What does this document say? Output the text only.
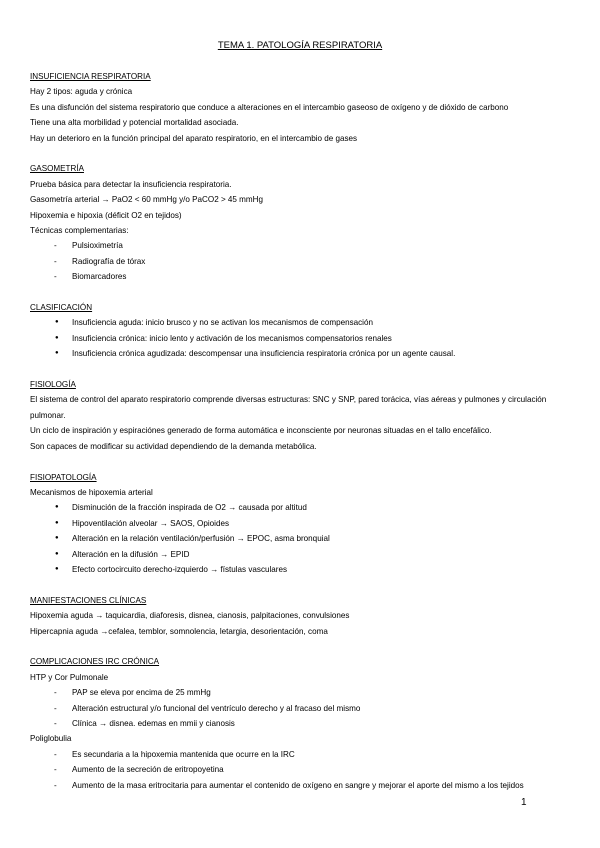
TEMA 1. PATOLOGÍA RESPIRATORIA
INSUFICIENCIA RESPIRATORIA
Hay 2 tipos: aguda y crónica
Es una disfunción del sistema respiratorio que conduce a alteraciones en el intercambio gaseoso de oxígeno y de dióxido de carbono
Tiene una alta morbilidad y potencial mortalidad asociada.
Hay un deterioro en la función principal del aparato respiratorio, en el intercambio de gases
GASOMETRÍA
Prueba básica para detectar la insuficiencia respiratoria.
Gasometría arterial → PaO2 < 60 mmHg y/o PaCO2 > 45 mmHg
Hipoxemia e hipoxia (déficit O2 en tejidos)
Técnicas complementarias:
- Pulsioximetría
- Radiografía de tórax
- Biomarcadores
CLASIFICACIÓN
● Insuficiencia aguda: inicio brusco y no se activan los mecanismos de compensación
● Insuficiencia crónica: inicio lento y activación de los mecanismos compensatorios renales
● Insuficiencia crónica agudizada: descompensar una insuficiencia respiratoria crónica por un agente causal.
FISIOLOGÍA
El sistema de control del aparato respiratorio comprende diversas estructuras: SNC y SNP, pared torácica, vías aéreas y pulmones y circulación pulmonar.
Un ciclo de inspiración y espiraciónes generado de forma automática e inconsciente por neuronas situadas en el tallo encefálico.
Son capaces de modificar su actividad dependiendo de la demanda metabólica.
FISIOPATOLOGÍA
Mecanismos de hipoxemia arterial
● Disminución de la fracción inspirada de O2 → causada por altitud
● Hipoventilación alveolar → SAOS, Opioides
● Alteración en la relación ventilación/perfusión → EPOC, asma bronquial
● Alteración en la difusión → EPID
● Efecto cortocircuito derecho-izquierdo → fístulas vasculares
MANIFESTACIONES CLÍNICAS
Hipoxemia aguda → taquicardia, diaforesis, disnea, cianosis, palpitaciones, convulsiones
Hipercapnia aguda →cefalea, temblor, somnolencia, letargia, desorientación, coma
COMPLICACIONES IRC CRÓNICA
HTP y Cor Pulmonale
- PAP se eleva por encima de 25 mmHg
- Alteración estructural y/o funcional del ventrículo derecho y al fracaso del mismo
- Clínica → disnea. edemas en mmii y cianosis
Poliglobulia
- Es secundaria a la hipoxemia mantenida que ocurre en la IRC
- Aumento de la secreción de eritropoyetina
- Aumento de la masa eritrocitaria para aumentar el contenido de oxígeno en sangre y mejorar el aporte del mismo a los tejidos
1
